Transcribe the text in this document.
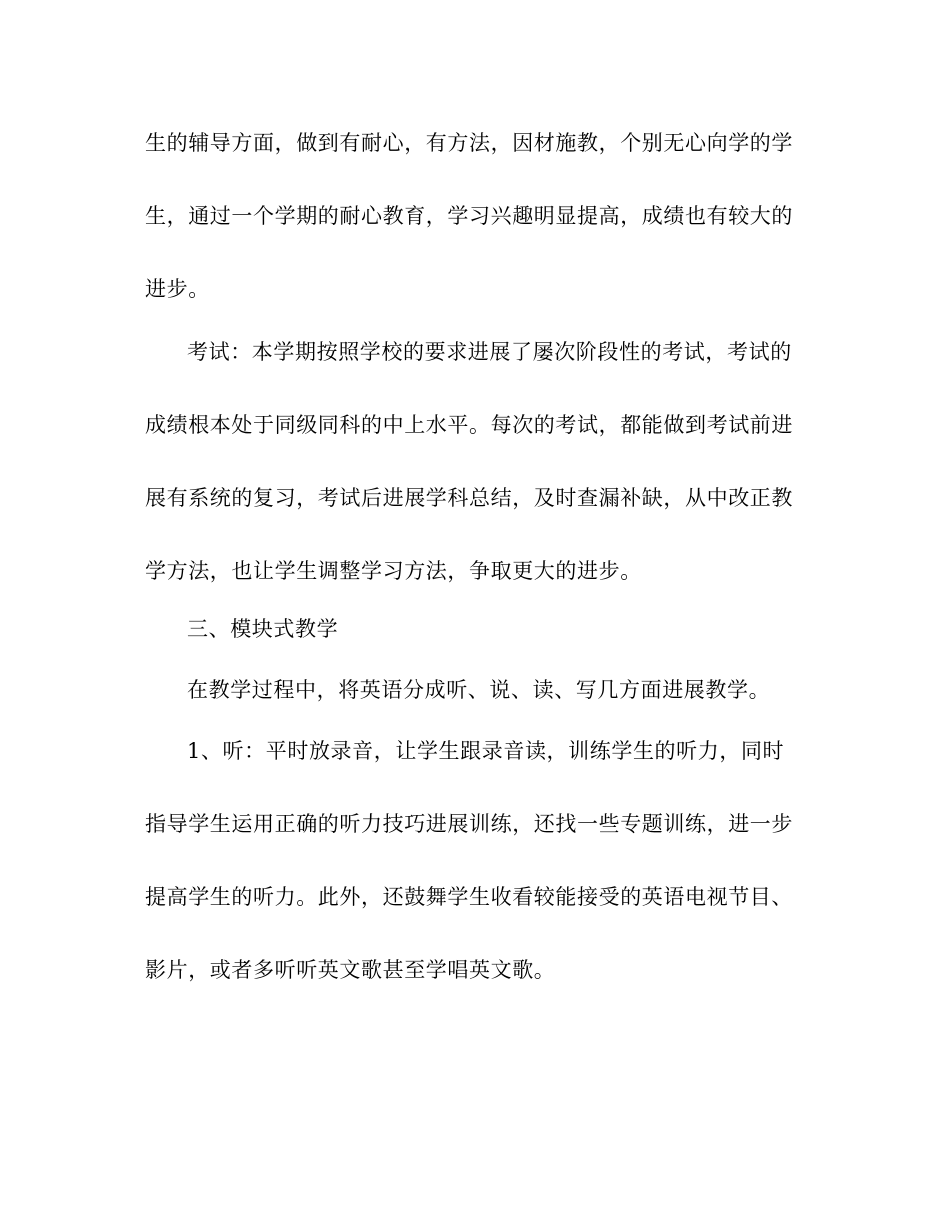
生的辅导方面，做到有耐心，有方法，因材施教，个别无心向学的学
生，通过一个学期的耐心教育，学习兴趣明显提高，成绩也有较大的
进步。
考试：本学期按照学校的要求进展了屡次阶段性的考试，考试的
成绩根本处于同级同科的中上水平。每次的考试，都能做到考试前进
展有系统的复习，考试后进展学科总结，及时查漏补缺，从中改正教
学方法，也让学生调整学习方法，争取更大的进步。
三、模块式教学
在教学过程中，将英语分成听、说、读、写几方面进展教学。
1、听：平时放录音，让学生跟录音读，训练学生的听力，同时
指导学生运用正确的听力技巧进展训练，还找一些专题训练，进一步
提高学生的听力。此外，还鼓舞学生收看较能接受的英语电视节目、
影片，或者多听听英文歌甚至学唱英文歌。
